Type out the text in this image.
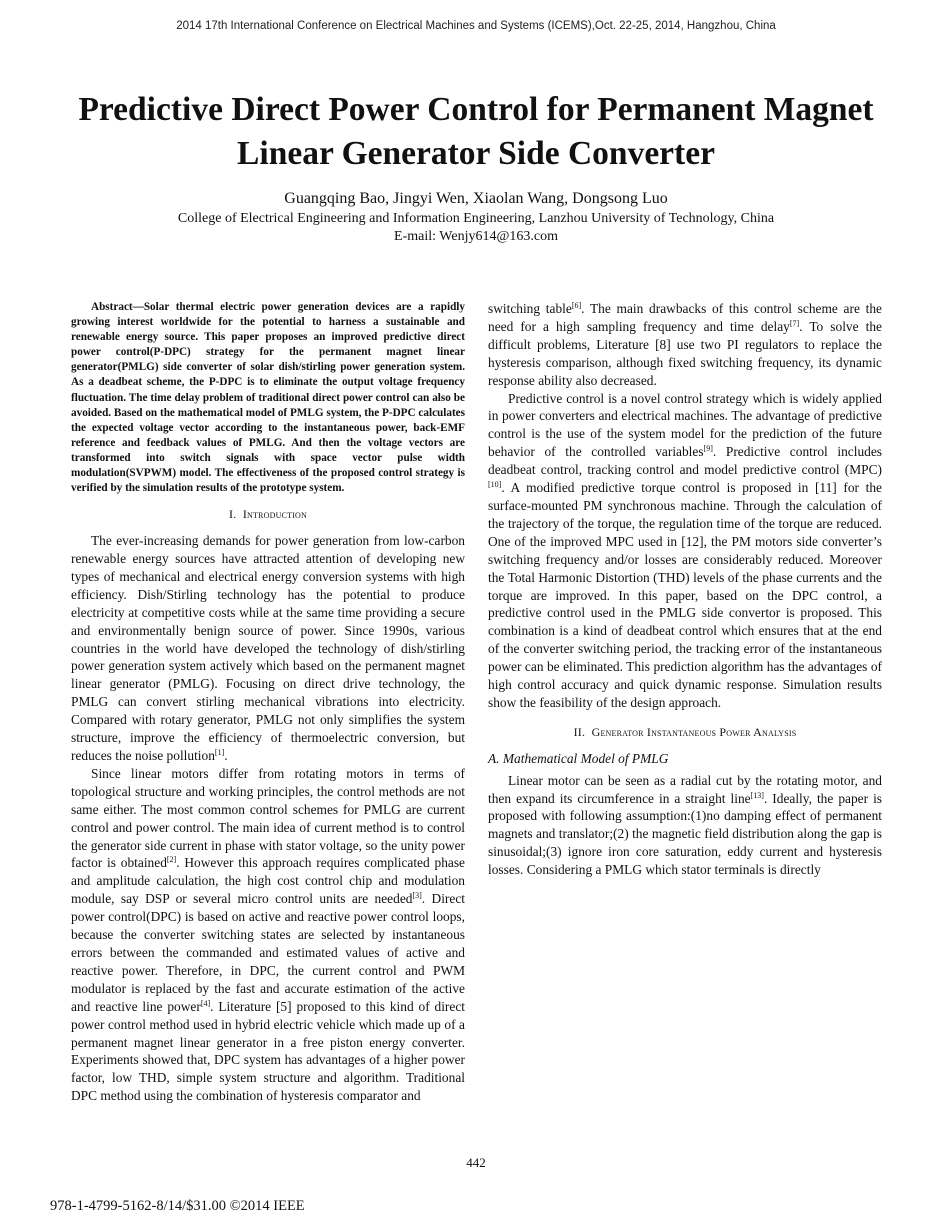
2014 17th International Conference on Electrical Machines and Systems (ICEMS),Oct. 22-25, 2014, Hangzhou, China
Predictive Direct Power Control for Permanent Magnet Linear Generator Side Converter
Guangqing Bao, Jingyi Wen, Xiaolan Wang, Dongsong Luo
College of Electrical Engineering and Information Engineering, Lanzhou University of Technology, China
E-mail: Wenjy614@163.com

Abstract—Solar thermal electric power generation devices are a rapidly growing interest worldwide for the potential to harness a sustainable and renewable energy source. This paper proposes an improved predictive direct power control(P-DPC) strategy for the permanent magnet linear generator(PMLG) side converter of solar dish/stirling power generation system. As a deadbeat scheme, the P-DPC is to eliminate the output voltage frequency fluctuation. The time delay problem of traditional direct power control can also be avoided. Based on the mathematical model of PMLG system, the P-DPC calculates the expected voltage vector according to the instantaneous power, back-EMF reference and feedback values of PMLG. And then the voltage vectors are transformed into switch signals with space vector pulse width modulation(SVPWM) model. The effectiveness of the proposed control strategy is verified by the simulation results of the prototype system.

I. Introduction

The ever-increasing demands for power generation from low-carbon renewable energy sources have attracted attention of developing new types of mechanical and electrical energy conversion systems with high efficiency. Dish/Stirling technology has the potential to produce electricity at competitive costs while at the same time providing a secure and environmentally benign source of power. Since 1990s, various countries in the world have developed the technology of dish/stirling power generation system actively which based on the permanent magnet linear generator (PMLG). Focusing on direct drive technology, the PMLG can convert stirling mechanical vibrations into electricity. Compared with rotary generator, PMLG not only simplifies the system structure, improve the efficiency of thermoelectric conversion, but reduces the noise pollution[1].

Since linear motors differ from rotating motors in terms of topological structure and working principles, the control methods are not same either. The most common control schemes for PMLG are current control and power control. The main idea of current method is to control the generator side current in phase with stator voltage, so the unity power factor is obtained[2]. However this approach requires complicated phase and amplitude calculation, the high cost control chip and modulation module, say DSP or several micro control units are needed[3]. Direct power control(DPC) is based on active and reactive power control loops, because the converter switching states are selected by instantaneous errors between the commanded and estimated values of active and reactive power. Therefore, in DPC, the current control and PWM modulator is replaced by the fast and accurate estimation of the active and reactive line power[4]. Literature [5] proposed to this kind of direct power control method used in hybrid electric vehicle which made up of a permanent magnet linear generator in a free piston energy converter. Experiments showed that, DPC system has advantages of a higher power factor, low THD, simple system structure and algorithm. Traditional DPC method using the combination of hysteresis comparator and

switching table[6]. The main drawbacks of this control scheme are the need for a high sampling frequency and time delay[7]. To solve the difficult problems, Literature [8] use two PI regulators to replace the hysteresis comparison, although fixed switching frequency, its dynamic response ability also decreased.

Predictive control is a novel control strategy which is widely applied in power converters and electrical machines. The advantage of predictive control is the use of the system model for the prediction of the future behavior of the controlled variables[9]. Predictive control includes deadbeat control, tracking control and model predictive control (MPC)[10]. A modified predictive torque control is proposed in [11] for the surface-mounted PM synchronous machine. Through the calculation of the trajectory of the torque, the regulation time of the torque are reduced. One of the improved MPC used in [12], the PM motors side converter’s switching frequency and/or losses are considerably reduced. Moreover the Total Harmonic Distortion (THD) levels of the phase currents and the torque are improved. In this paper, based on the DPC control, a predictive control used in the PMLG side convertor is proposed. This combination is a kind of deadbeat control which ensures that at the end of the converter switching period, the tracking error of the instantaneous power can be eliminated. This prediction algorithm has the advantages of high control accuracy and quick dynamic response. Simulation results show the feasibility of the design approach.

II. Generator Instantaneous Power Analysis
A. Mathematical Model of PMLG

Linear motor can be seen as a radial cut by the rotating motor, and then expand its circumference in a straight line[13]. Ideally, the paper is proposed with following assumption:(1)no damping effect of permanent magnets and translator;(2) the magnetic field distribution along the gap is sinusoidal;(3) ignore iron core saturation, eddy current and hysteresis losses. Considering a PMLG which stator terminals is directly

442
978-1-4799-5162-8/14/$31.00 ©2014 IEEE
